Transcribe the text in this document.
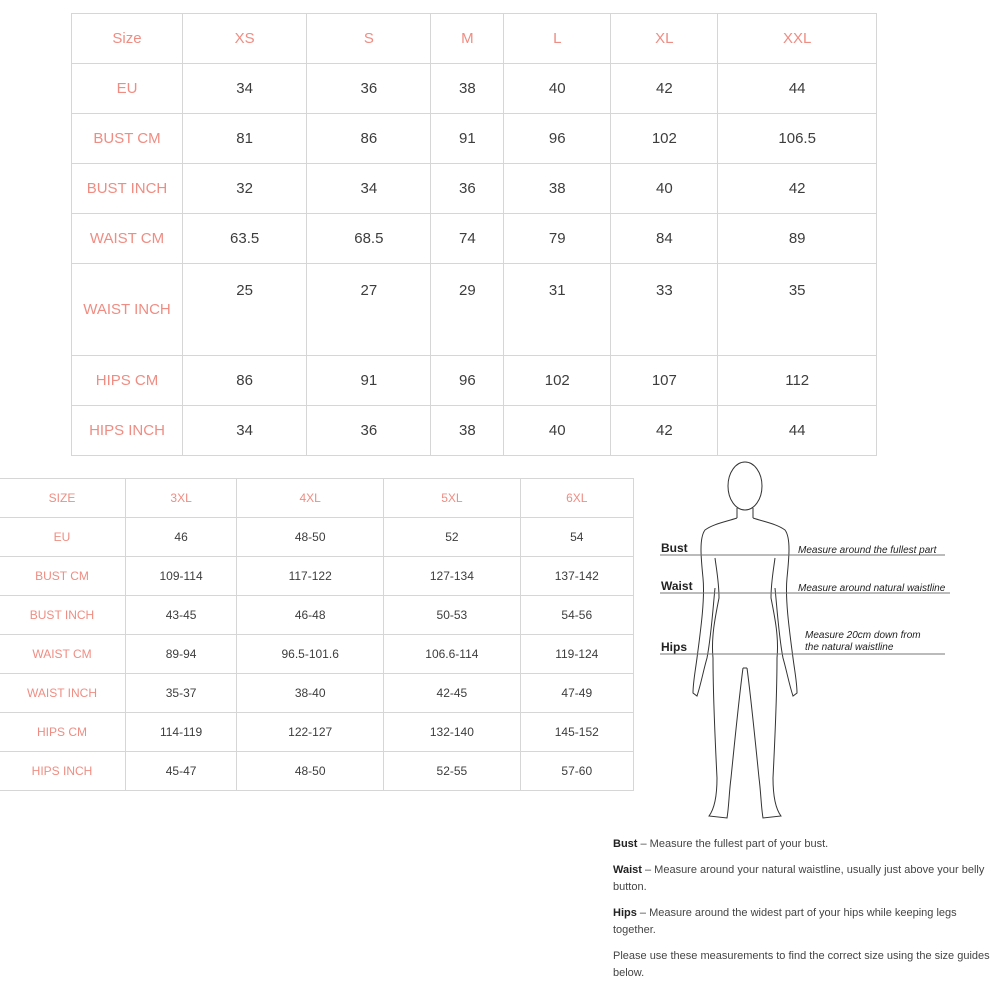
Size	XS	S	M	L	XL	XXL
EU	34	36	38	40	42	44
BUST CM	81	86	91	96	102	106.5
BUST INCH	32	34	36	38	40	42
WAIST CM	63.5	68.5	74	79	84	89
WAIST INCH	25	27	29	31	33	35
HIPS CM	86	91	96	102	107	112
HIPS INCH	34	36	38	40	42	44
SIZE	3XL	4XL	5XL	6XL
EU	46	48-50	52	54
BUST CM	109-114	117-122	127-134	137-142
BUST INCH	43-45	46-48	50-53	54-56
WAIST CM	89-94	96.5-101.6	106.6-114	119-124
WAIST INCH	35-37	38-40	42-45	47-49
HIPS CM	114-119	122-127	132-140	145-152
HIPS INCH	45-47	48-50	52-55	57-60
Bust	Measure around the fullest part
Waist	Measure around natural waistline
Hips
Measure 20cm down from
the natural waistline

Bust – Measure the fullest part of your bust.

Waist – Measure around your natural waistline, usually just above your belly button.

Hips – Measure around the widest part of your hips while keeping legs together.

Please use these measurements to find the correct size using the size guides below.
